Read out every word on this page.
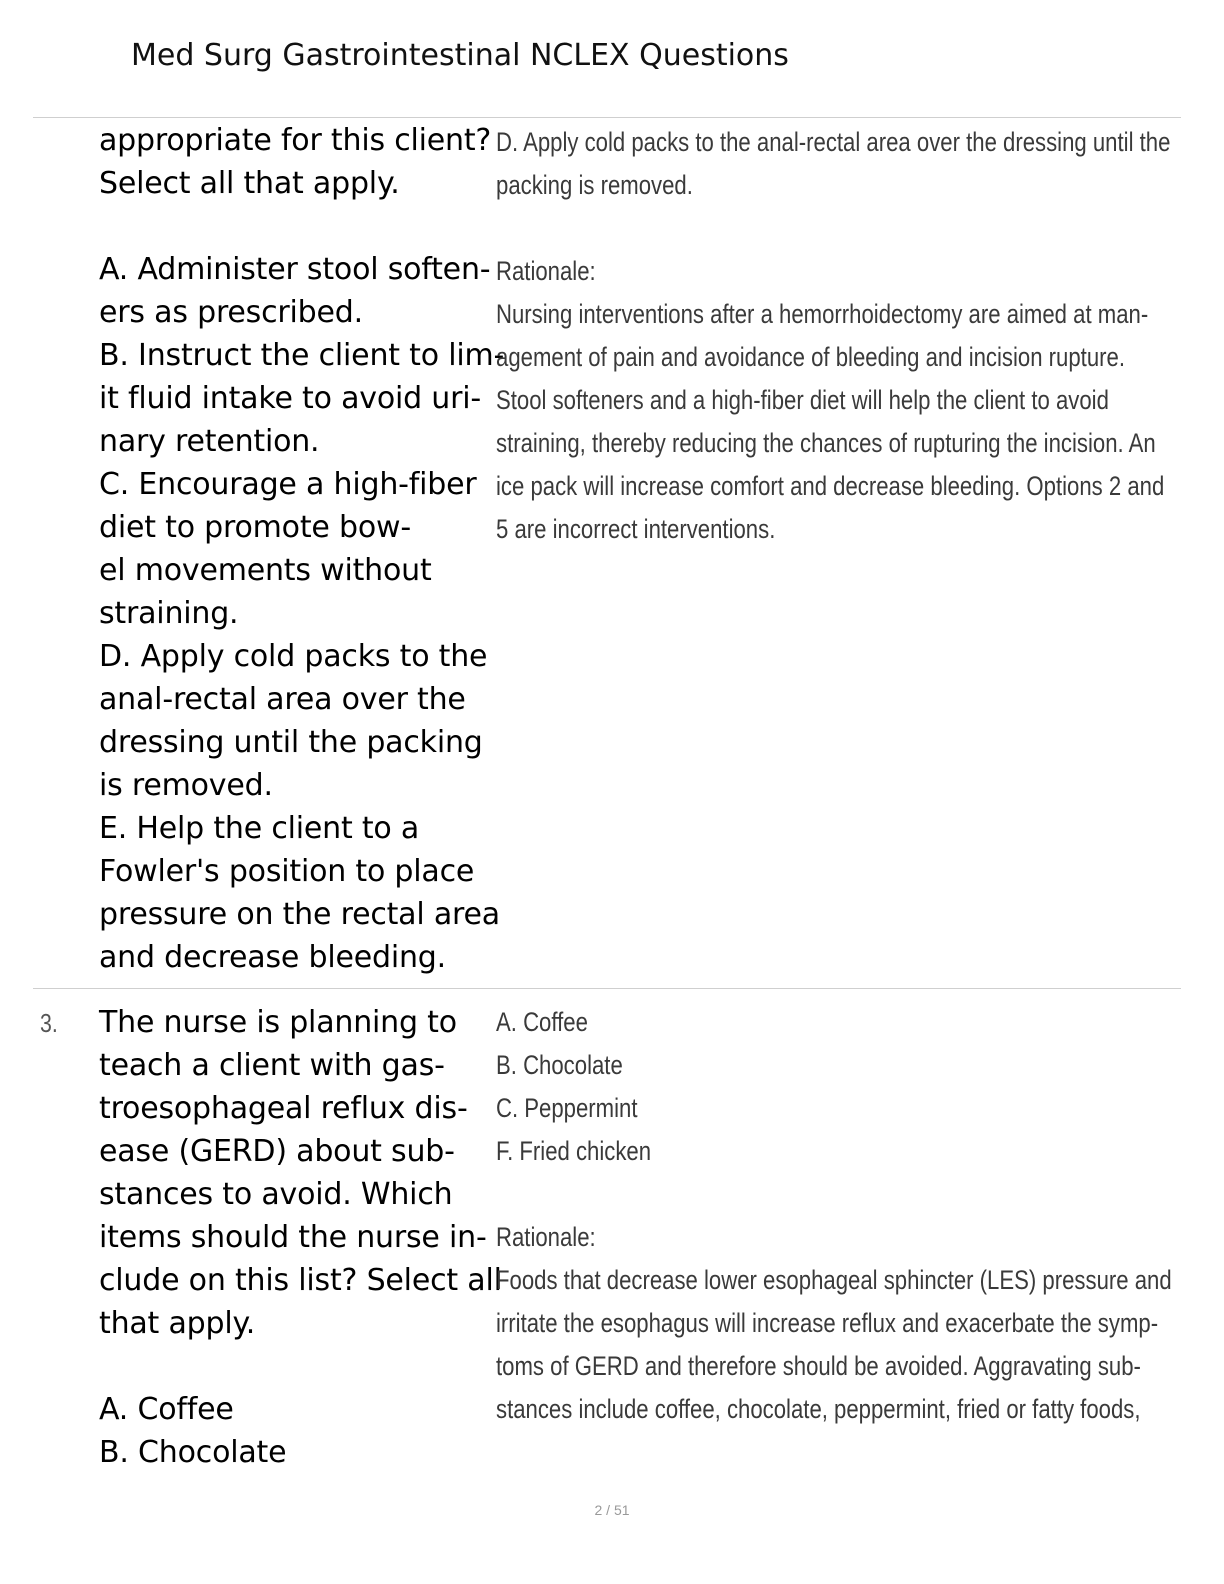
Med Surg Gastrointestinal NCLEX Questions
appropriate for this client?
Select all that apply.
A. Administer stool soften-
ers as prescribed.
B. Instruct the client to lim-
it fluid intake to avoid uri-
nary retention.
C. Encourage a high-fiber
diet to promote bow-
el movements without
straining.
D. Apply cold packs to the
anal-rectal area over the
dressing until the packing
is removed.
E. Help the client to a
Fowler's position to place
pressure on the rectal area
and decrease bleeding.
D. Apply cold packs to the anal-rectal area over the dressing until the
packing is removed.
Rationale:
Nursing interventions after a hemorrhoidectomy are aimed at man-
agement of pain and avoidance of bleeding and incision rupture.
Stool softeners and a high-fiber diet will help the client to avoid
straining, thereby reducing the chances of rupturing the incision. An
ice pack will increase comfort and decrease bleeding. Options 2 and
5 are incorrect interventions.
3. The nurse is planning to
teach a client with gas-
troesophageal reflux dis-
ease (GERD) about sub-
stances to avoid. Which
items should the nurse in-
clude on this list? Select all
that apply.
A. Coffee
B. Chocolate
A. Coffee
B. Chocolate
C. Peppermint
F. Fried chicken
Rationale:
Foods that decrease lower esophageal sphincter (LES) pressure and
irritate the esophagus will increase reflux and exacerbate the symp-
toms of GERD and therefore should be avoided. Aggravating sub-
stances include coffee, chocolate, peppermint, fried or fatty foods,
2 / 51
